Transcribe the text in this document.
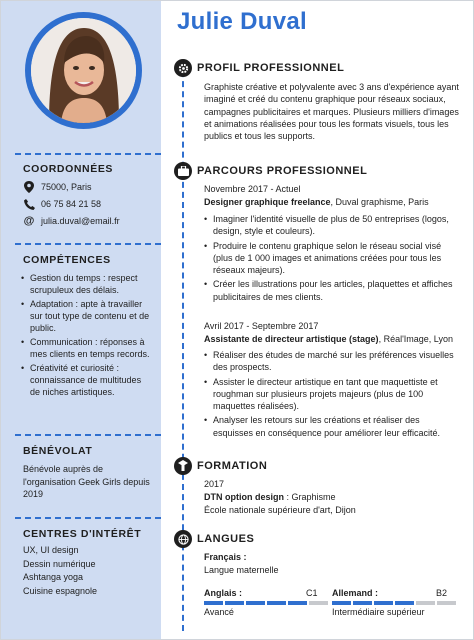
COORDONNÉES
75000, Paris
06 75 84 21 58
@ julia.duval@email.fr
COMPÉTENCES
• Gestion du temps : respect scrupuleux des délais.
• Adaptation : apte à travailler sur tout type de contenu et de public.
• Communication : réponses à mes clients en temps records.
• Créativité et curiosité : connaissance de multitudes de niches artistiques.
BÉNÉVOLAT
Bénévole auprès de l'organisation Geek Girls depuis 2019
CENTRES D'INTÉRÊT
UX, UI design
Dessin numérique
Ashtanga yoga
Cuisine espagnole
Julie Duval
PROFIL PROFESSIONNEL
Graphiste créative et polyvalente avec 3 ans d'expérience ayant imaginé et créé du contenu graphique pour réseaux sociaux, campagnes publicitaires et marques. Plusieurs milliers d'images et animations réalisées pour tous les formats visuels, tous les publics et tous les supports.
PARCOURS PROFESSIONNEL
Novembre 2017 - Actuel
Designer graphique freelance, Duval graphisme, Paris
• Imaginer l'identité visuelle de plus de 50 entreprises (logos, design, style et couleurs).
• Produire le contenu graphique selon le réseau social visé (plus de 1 000 images et animations créées pour tous les réseaux majeurs).
• Créer les illustrations pour les articles, plaquettes et affiches publicitaires de mes clients.
Avril 2017 - Septembre 2017
Assistante de directeur artistique (stage), Réal'Image, Lyon
• Réaliser des études de marché sur les préférences visuelles des prospects.
• Assister le directeur artistique en tant que maquettiste et roughman sur plusieurs projets majeurs (plus de 100 maquettes réalisées).
• Analyser les retours sur les créations et réaliser des esquisses en conséquence pour améliorer leur efficacité.
FORMATION
2017
DTN option design : Graphisme
École nationale supérieure d'art, Dijon
LANGUES
Français :
Langue maternelle
Anglais :	C1
Avancé
Allemand :	B2
Intermédiaire supérieur
